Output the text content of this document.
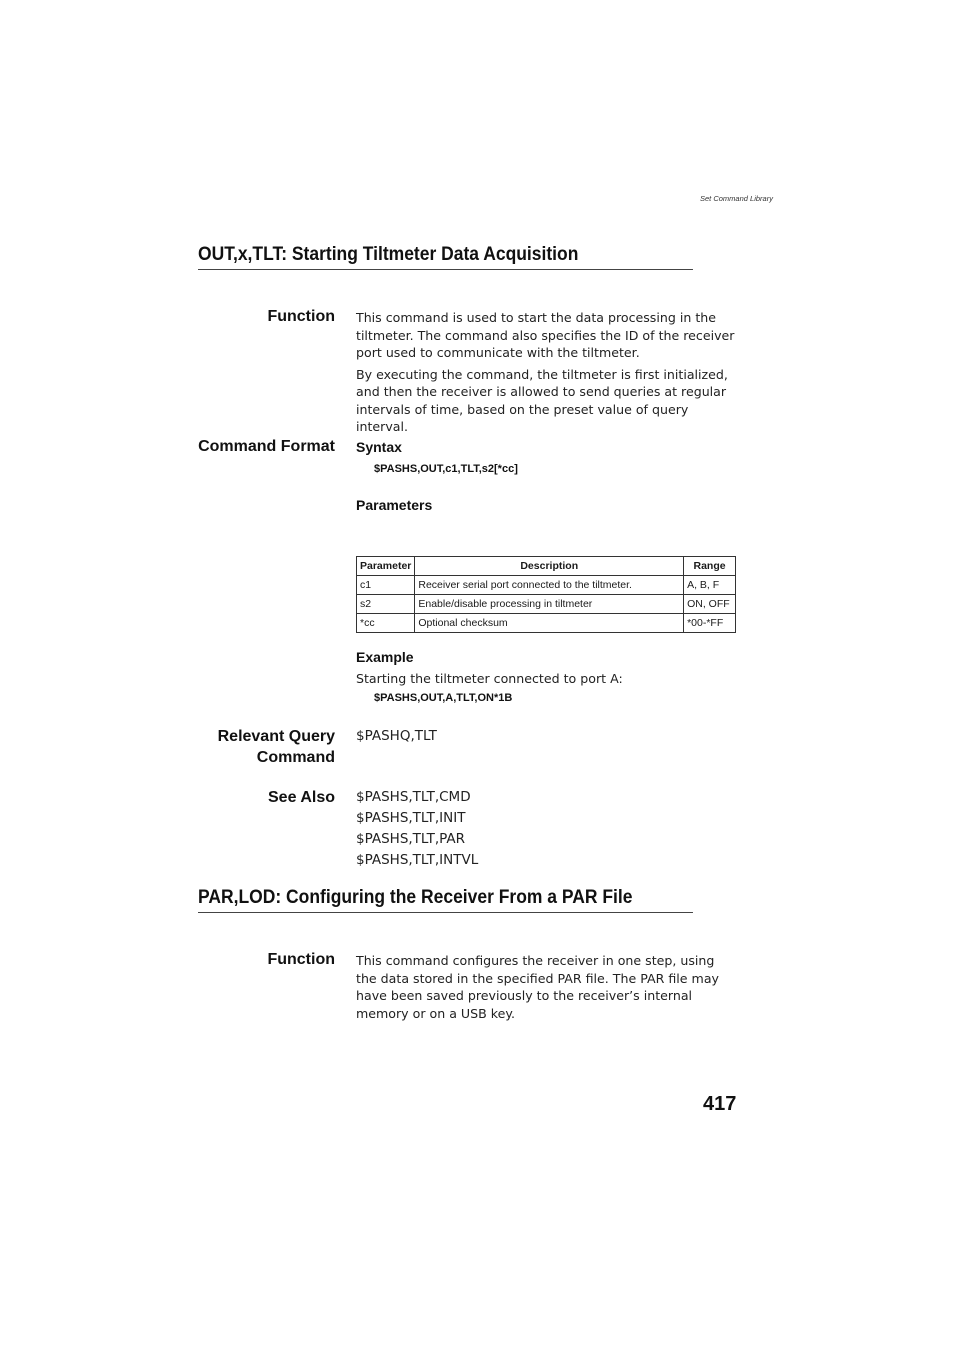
Set Command Library
OUT,x,TLT: Starting Tiltmeter Data Acquisition
Function This command is used to start the data processing in the tiltmeter. The command also specifies the ID of the receiver port used to communicate with the tiltmeter.

By executing the command, the tiltmeter is first initialized, and then the receiver is allowed to send queries at regular intervals of time, based on the preset value of query interval.

Command Format Syntax
$PASHS,OUT,c1,TLT,s2[*cc]
Parameters
Parameter	Description	Range
c1	Receiver serial port connected to the tiltmeter.	A, B, F
s2	Enable/disable processing in tiltmeter	ON, OFF
*cc	Optional checksum	*00-*FF
Example
Starting the tiltmeter connected to port A:
$PASHS,OUT,A,TLT,ON*1B
Relevant Query
Command
$PASHQ,TLT
See Also $PASHS,TLT,CMD
$PASHS,TLT,INIT
$PASHS,TLT,PAR
$PASHS,TLT,INTVL
PAR,LOD: Configuring the Receiver From a PAR File
Function This command configures the receiver in one step, using the data stored in the specified PAR file. The PAR file may have been saved previously to the receiver’s internal memory or on a USB key.

417
